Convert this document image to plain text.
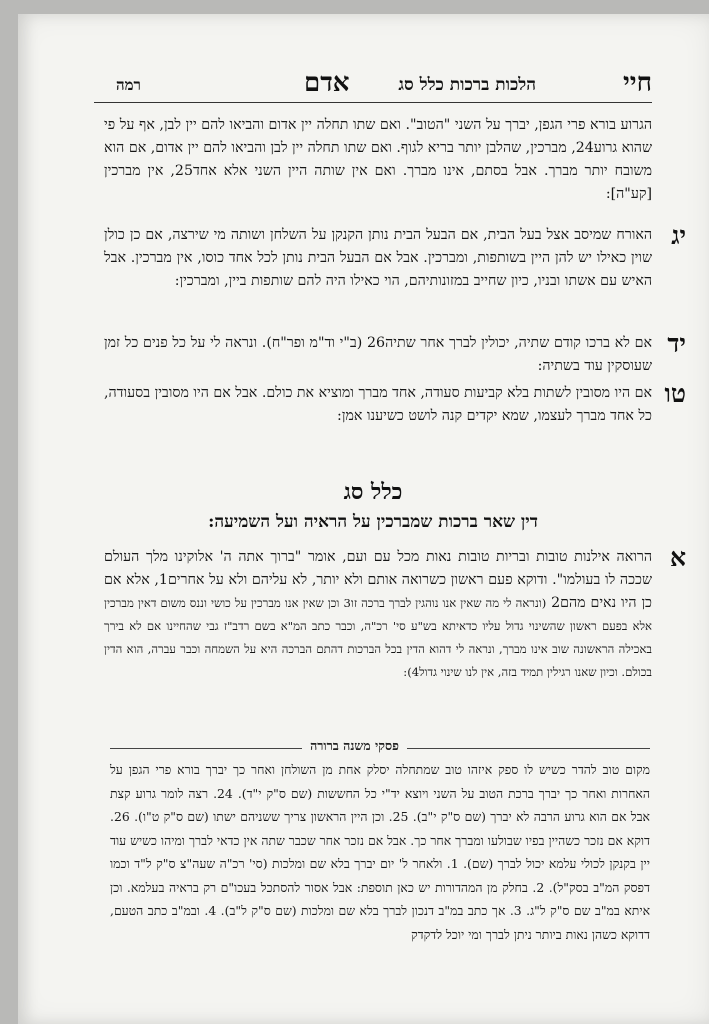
חיי
הלכות ברכות כלל סג
אדם
רמה
הגרוע בורא פרי הגפן, יברך על השני "הטוב". ואם שתו תחלה יין אדום והביאו להם יין לבן, אף על פי שהוא גרוע24, מברכין, שהלבן יותר בריא לגוף. ואם שתו תחלה יין לבן והביאו להם יין אדום, אם הוא משובח יותר מברך. אבל בסתם, אינו מברך. ואם אין שותה היין השני אלא אחד25, אין מברכין [קע"ה]:
יג
האורח שמיסב אצל בעל הבית, אם הבעל הבית נותן הקנקן על השלחן ושותה מי שירצה, אם כן כולן שוין כאילו יש להן היין בשותפות, ומברכין. אבל אם הבעל הבית נותן לכל אחד כוסו, אין מברכין. אבל האיש עם אשתו ובניו, כיון שחייב במזונותיהם, הוי כאילו היה להם שותפות ביין, ומברכין:
יד
אם לא ברכו קודם שתיה, יכולין לברך אחר שתיה26 (ב"י וד"מ ופר"ח). ונראה לי על כל פנים כל זמן שעוסקין עוד בשתיה:
טו
אם היו מסובין לשתות בלא קביעות סעודה, אחד מברך ומוציא את כולם. אבל אם היו מסובין בסעודה, כל אחד מברך לעצמו, שמא יקדים קנה לושט כשיענו אמן:
כלל סג
דין שאר ברכות שמברכין על הראיה ועל השמיעה:
א
הרואה אילנות טובות ובריות טובות נאות מכל עם ועם, אומר "ברוך אתה ה' אלוקינו מלך העולם שככה לו בעולמו". ודוקא פעם ראשון כשרואה אותם ולא יותר, לא עליהם ולא על אחרים1, אלא אם כן היו נאים מהם2 (ונראה לי מה שאין אנו נוהגין לברך ברכה זו3 וכן שאין אנו מברכין על כושי וננס משום דאין מברכין אלא בפעם ראשון שהשינוי גדול עליו כדאיתא בש"ע סי' רכ"ה, וכבר כתב המ"א בשם רדב"ז גבי שהחיינו אם לא בירך באכילה הראשונה שוב אינו מברך, ונראה לי דהוא הדין בכל הברכות דהתם הברכה היא על השמחה וכבר עברה, הוא הדין בכולם. וכיון שאנו רגילין תמיד בזה, אין לנו שינוי גדול4):
פסקי משנה ברורה
מקום טוב להדר כשיש לו ספק איזהו טוב שמתחלה יסלק אחת מן השולחן ואחר כך יברך בורא פרי הגפן על האחרות ואחר כך יברך ברכת הטוב על השני ויוצא יד"י כל החששות (שם ס"ק י"ד). 24. רצה לומר גרוע קצת אבל אם הוא גרוע הרבה לא יברך (שם ס"ק י"ב). 25. וכן היין הראשון צריך ששניהם ישתו (שם ס"ק ט"ו). 26. דוקא אם נזכר כשהיין בפיו שבולעו ומברך אחר כך. אבל אם נזכר אחר שכבר שתה אין כדאי לברך ומיהו כשיש עוד יין בקנקן לכולי עלמא יכול לברך (שם). 1. ולאחר ל' יום יברך בלא שם ומלכות (סי' רכ"ה שעה"צ ס"ק ל"ד וכמו דפסק המ"ב בסק"ל). 2. בחלק מן המהדורות יש כאן תוספת: אבל אסור להסתכל בעכו"ם רק בראיה בעלמא. וכן איתא במ"ב שם ס"ק ל"ג. 3. אך כתב במ"ב דנכון לברך בלא שם ומלכות (שם ס"ק ל"ב). 4. ובמ"ב כתב הטעם, דדוקא כשהן נאות ביותר ניתן לברך ומי יוכל לדקדק
